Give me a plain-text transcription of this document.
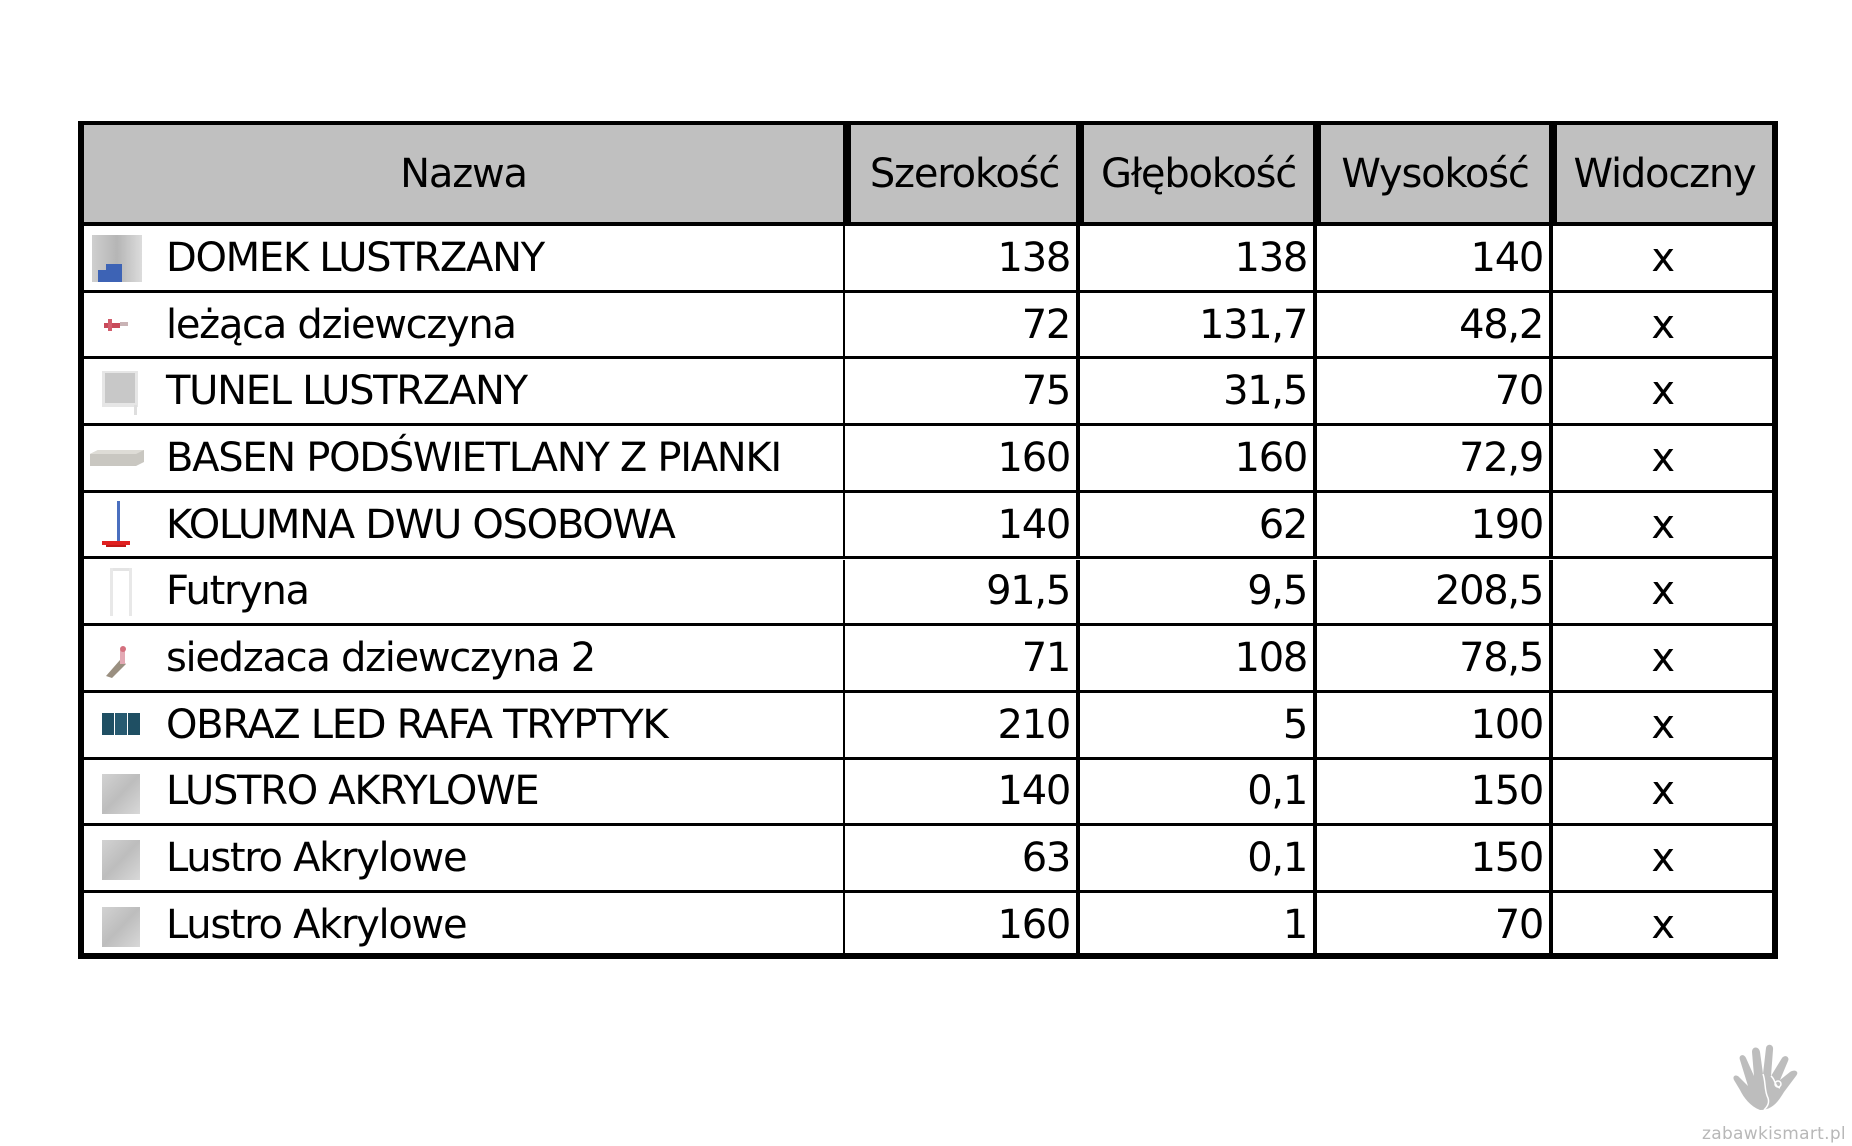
Nazwa	Szerokość	Głębokość	Wysokość	Widoczny
DOMEK LUSTRZANY	138	138	140	x
leżąca dziewczyna	72	131,7	48,2	x
TUNEL LUSTRZANY	75	31,5	70	x
BASEN PODŚWIETLANY Z PIANKI	160	160	72,9	x
KOLUMNA DWU OSOBOWA	140	62	190	x
Futryna	91,5	9,5	208,5	x
siedzaca dziewczyna 2	71	108	78,5	x
OBRAZ LED RAFA TRYPTYK	210	5	100	x
LUSTRO AKRYLOWE	140	0,1	150	x
Lustro Akrylowe	63	0,1	150	x
Lustro Akrylowe	160	1	70	x
zabawkismart.pl
